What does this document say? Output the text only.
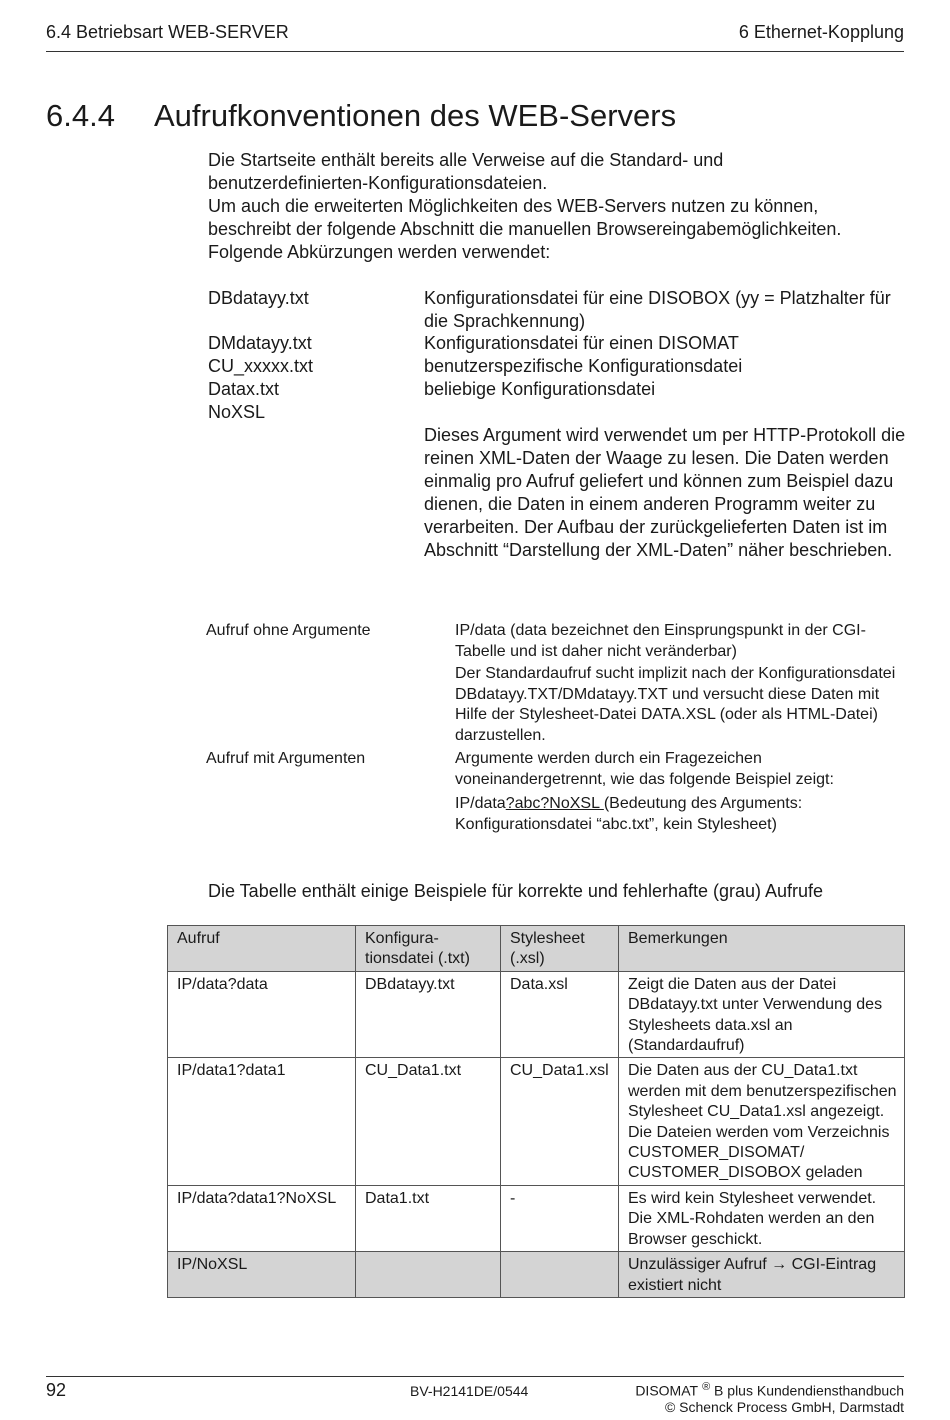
6.4 Betriebsart WEB-SERVER	6 Ethernet-Kopplung
6.4.4 Aufrufkonventionen des WEB-Servers
Die Startseite enthält bereits alle Verweise auf die Standard- und
benutzerdefinierten-Konfigurationsdateien.
Um auch die erweiterten Möglichkeiten des WEB-Servers nutzen zu können,
beschreibt der folgende Abschnitt die manuellen Browsereingabemöglichkeiten.
Folgende Abkürzungen werden verwendet:
DBdatayy.txt	Konfigurationsdatei für eine DISOBOX (yy = Platzhalter für die Sprachkennung)
DMdatayy.txt	Konfigurationsdatei für einen DISOMAT
CU_xxxxx.txt	benutzerspezifische Konfigurationsdatei
Datax.txt	beliebige Konfigurationsdatei
NoXSL
Dieses Argument wird verwendet um per HTTP-Protokoll die reinen XML-Daten der Waage zu lesen. Die Daten werden einmalig pro Aufruf geliefert und können zum Beispiel dazu dienen, die Daten in einem anderen Programm weiter zu verarbeiten. Der Aufbau der zurückgelieferten Daten ist im Abschnitt “Darstellung der XML-Daten” näher beschrieben.
Aufruf ohne Argumente	IP/data (data bezeichnet den Einsprungspunkt in der CGI-Tabelle und ist daher nicht veränderbar)
Der Standardaufruf sucht implizit nach der Konfigurationsdatei DBdatayy.TXT/DMdatayy.TXT und versucht diese Daten mit Hilfe der Stylesheet-Datei DATA.XSL (oder als HTML-Datei) darzustellen.
Aufruf mit Argumenten	Argumente werden durch ein Fragezeichen voneinandergetrennt, wie das folgende Beispiel zeigt:
IP/data?abc?NoXSL (Bedeutung des Arguments: Konfigurationsdatei “abc.txt”, kein Stylesheet)
Die Tabelle enthält einige Beispiele für korrekte und fehlerhafte (grau) Aufrufe
Aufruf	Konfigura-tionsdatei (.txt)	Stylesheet (.xsl)	Bemerkungen
IP/data?data	DBdatayy.txt	Data.xsl	Zeigt die Daten aus der Datei DBdatayy.txt unter Verwendung des Stylesheets data.xsl an (Standardaufruf)
IP/data1?data1	CU_Data1.txt	CU_Data1.xsl	Die Daten aus der CU_Data1.txt werden mit dem benutzerspezifischen Stylesheet CU_Data1.xsl angezeigt. Die Dateien werden vom Verzeichnis CUSTOMER_DISOMAT/ CUSTOMER_DISOBOX geladen
IP/data?data1?NoXSL	Data1.txt	-	Es wird kein Stylesheet verwendet. Die XML-Rohdaten werden an den Browser geschickt.
IP/NoXSL			Unzulässiger Aufruf → CGI-Eintrag existiert nicht
92	BV-H2141DE/0544	DISOMAT ® B plus Kundendiensthandbuch
© Schenck Process GmbH, Darmstadt
